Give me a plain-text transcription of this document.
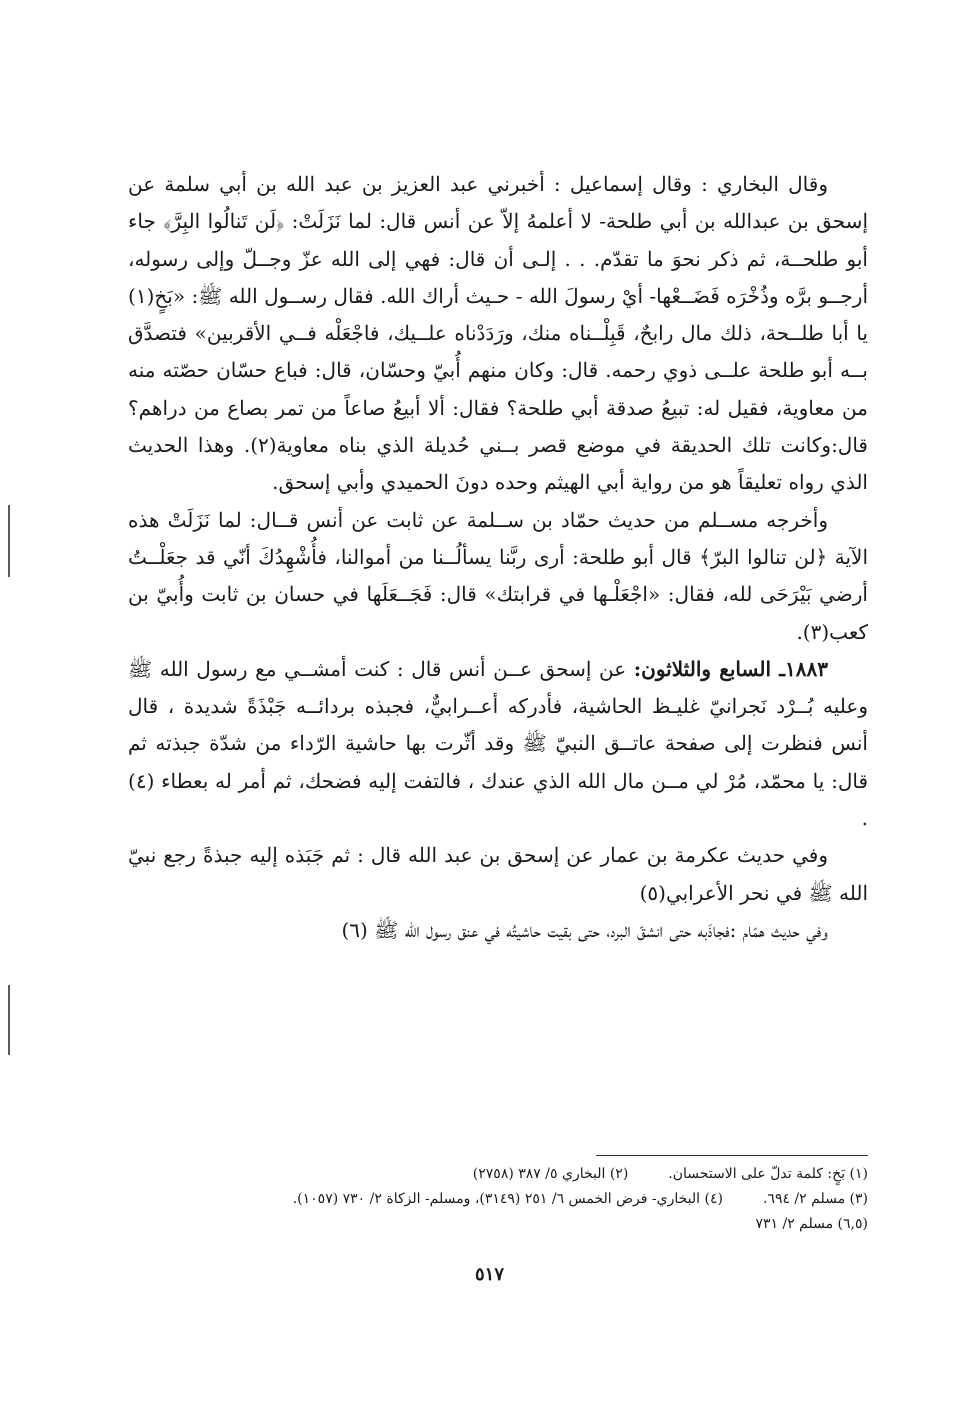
وقال البخاري : وقال إسماعيل : أخبرني عبد العزيز بن عبد الله بن أبي سلمة عن إسحق بن عبدالله بن أبي طلحة- لا أعلمهُ إلاّ عن أنس قال: لما نَزَلَتْ: ﴿لَن تَنالُوا البِرَّ﴾ جاء أبو طلحــة، ثم ذكر نحوَ ما تقدّم. . . إلـى أن قال: فهي إلى الله عزّ وجــلّ وإلى رسوله، أرجــو برَّه وذُخْرَه فَضَــعْها- أيْ رسولَ الله - حـيث أراك الله. فقال رســول الله ﷺ: «بَخٍ(١) يا أبا طلــحة، ذلك مال رابحٌ، قَبِلْــناه منك، ورَدَدْناه علــيك، فاجْعَلْه فــي الأقربين» فتصدَّق بــه أبو طلحة علــى ذوي رحمه. قال: وكان منهم أُبيّ وحسّان، قال: فباع حسّان حصّته منه من معاوية، فقيل له: تبيعُ صدقة أبي طلحة؟ فقال: ألا أبيعُ صاعاً من تمر بصاع من دراهم؟ قال:وكانت تلك الحديقة في موضع قصر بــني حُديلة الذي بناه معاوية(٢). وهذا الحديث الذي رواه تعليقاً هو من رواية أبي الهيثم وحده دونَ الحميدي وأبي إسحق.

وأخرجه مســلم من حديث حمّاد بن ســلمة عن ثابت عن أنس قــال: لما نَزَلَتْ هذه الآية ﴿لن تنالوا البرّ﴾ قال أبو طلحة: أرى ربَّنا يسألُــنا من أموالنا، فأُشْهِدُكَ أنّي قد جعَلْــتُ أرضي بَيْرَحَى لله، فقال: «اجْعَلْـها في قرابتك» قال: فَجَــعَلَها في حسان بن ثابت وأُبيّ بن كعب(٣).

١٨٨٣ـ السابع والثلاثون: عن إسحق عــن أنس قال : كنت أمشــي مع رسول الله ﷺ وعليه بُــرْد نَجرانيّ غليـظ الحاشية، فأدركه أعــرابيٌّ، فجبذه بردائــه جَبْذَةً شديدة ، قال أنس فنظرت إلى صفحة عاتــق النبيّ ﷺ وقد أثّرت بها حاشية الرّداء من شدّة جبذته ثم قال: يا محمّد، مُرْ لي مــن مال الله الذي عندك ، فالتفت إليه فضحك، ثم أمر له بعطاء (٤) .

وفي حديث عكرمة بن عمار عن إسحق بن عبد الله قال : ثم جَبَذه إليه جبذةً رجع نبيّ الله ﷺ في نحر الأعرابي(٥)

وفي حديث همّام :فجاذَبه حتى انشقّ البرد، حتى بقيت حاشيتُه في عنق رسول الله ﷺ (٦)

(١) بَخٍ: كلمة تدلّ على الاستحسان.
(٢) البخاري ٥/ ٣٨٧ (٢٧٥٨)
(٣) مسلم ٢/ ٦٩٤.
(٤) البخاري- فرض الخمس ٦/ ٢٥١ (٣١٤٩)، ومسلم- الزكاة ٢/ ٧٣٠ (١٠٥٧).
(٦,٥) مسلم ٢/ ٧٣١
٥١٧
